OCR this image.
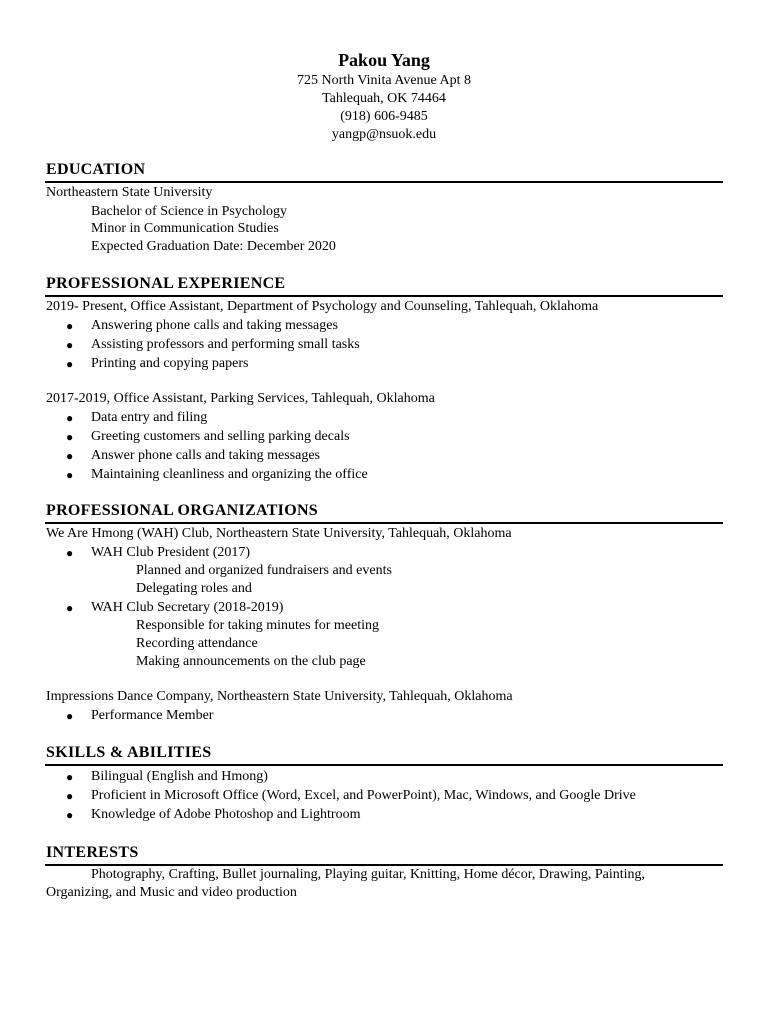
Pakou Yang
725 North Vinita Avenue Apt 8
Tahlequah, OK 74464
(918) 606-9485
yangp@nsuok.edu
EDUCATION
Northeastern State University
Bachelor of Science in Psychology
Minor in Communication Studies
Expected Graduation Date: December 2020
PROFESSIONAL EXPERIENCE
2019- Present, Office Assistant, Department of Psychology and Counseling, Tahlequah, Oklahoma
● Answering phone calls and taking messages
● Assisting professors and performing small tasks
● Printing and copying papers
2017-2019, Office Assistant, Parking Services, Tahlequah, Oklahoma
● Data entry and filing
● Greeting customers and selling parking decals
● Answer phone calls and taking messages
● Maintaining cleanliness and organizing the office
PROFESSIONAL ORGANIZATIONS
We Are Hmong (WAH) Club, Northeastern State University, Tahlequah, Oklahoma
● WAH Club President (2017)
Planned and organized fundraisers and events
Delegating roles and
● WAH Club Secretary (2018-2019)
Responsible for taking minutes for meeting
Recording attendance
Making announcements on the club page
Impressions Dance Company, Northeastern State University, Tahlequah, Oklahoma
● Performance Member
SKILLS & ABILITIES
● Bilingual (English and Hmong)
● Proficient in Microsoft Office (Word, Excel, and PowerPoint), Mac, Windows, and Google Drive
● Knowledge of Adobe Photoshop and Lightroom
INTERESTS
Photography, Crafting, Bullet journaling, Playing guitar, Knitting, Home décor, Drawing, Painting,
Organizing, and Music and video production
